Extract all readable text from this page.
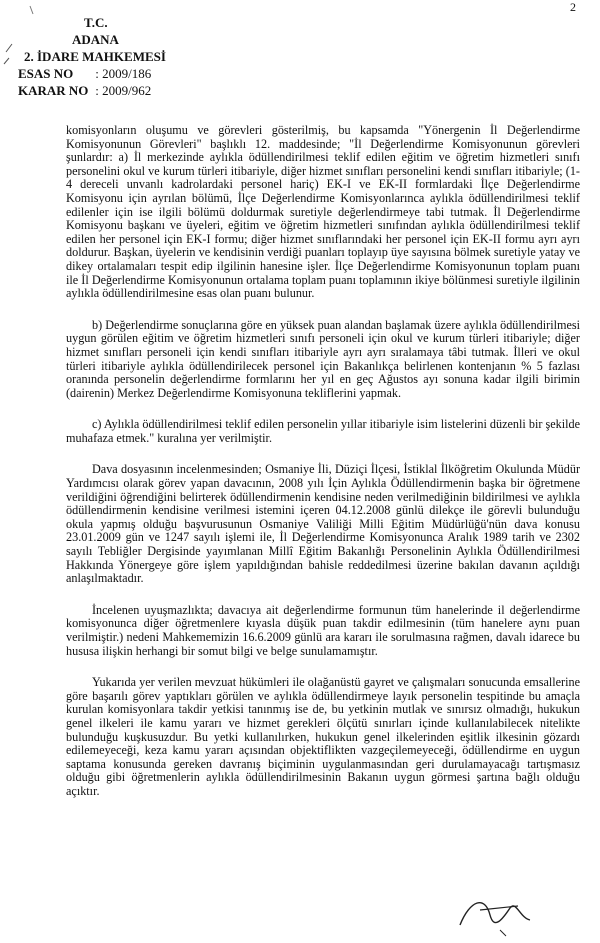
2
T.C.
ADANA
2. İDARE MAHKEMESİ
ESAS NO : 2009/186
KARAR NO : 2009/962

komisyonların oluşumu ve görevleri gösterilmiş, bu kapsamda "Yönergenin İl Değerlendirme Komisyonunun Görevleri" başlıklı 12. maddesinde; "İl Değerlendirme Komisyonunun görevleri şunlardır: a) İl merkezinde aylıkla ödüllendirilmesi teklif edilen eğitim ve öğretim hizmetleri sınıfı personelini okul ve kurum türleri itibariyle, diğer hizmet sınıfları personelini kendi sınıfları itibariyle; (1-4 dereceli unvanlı kadrolardaki personel hariç) EK-I ve EK-II formlardaki İlçe Değerlendirme Komisyonu için ayrılan bölümü, İlçe Değerlendirme Komisyonlarınca aylıkla ödüllendirilmesi teklif edilenler için ise ilgili bölümü doldurmak suretiyle değerlendirmeye tabi tutmak. İl Değerlendirme Komisyonu başkanı ve üyeleri, eğitim ve öğretim hizmetleri sınıfından aylıkla ödüllendirilmesi teklif edilen her personel için EK-I formu; diğer hizmet sınıflarındaki her personel için EK-II formu ayrı ayrı doldurur. Başkan, üyelerin ve kendisinin verdiği puanları toplayıp üye sayısına bölmek suretiyle yatay ve dikey ortalamaları tespit edip ilgilinin hanesine işler. İlçe Değerlendirme Komisyonunun toplam puanı ile İl Değerlendirme Komisyonunun ortalama toplam puanı toplamının ikiye bölünmesi suretiyle ilgilinin aylıkla ödüllendirilmesine esas olan puanı bulunur.

b) Değerlendirme sonuçlarına göre en yüksek puan alandan başlamak üzere aylıkla ödüllendirilmesi uygun görülen eğitim ve öğretim hizmetleri sınıfı personeli için okul ve kurum türleri itibariyle; diğer hizmet sınıfları personeli için kendi sınıfları itibariyle ayrı ayrı sıralamaya tâbi tutmak. İlleri ve okul türleri itibariyle aylıkla ödüllendirilecek personel için Bakanlıkça belirlenen kontenjanın % 5 fazlası oranında personelin değerlendirme formlarını her yıl en geç Ağustos ayı sonuna kadar ilgili birimin (dairenin) Merkez Değerlendirme Komisyonuna tekliflerini yapmak.

c) Aylıkla ödüllendirilmesi teklif edilen personelin yıllar itibariyle isim listelerini düzenli bir şekilde muhafaza etmek." kuralına yer verilmiştir.

Dava dosyasının incelenmesinden; Osmaniye İli, Düziçi İlçesi, İstiklal İlköğretim Okulunda Müdür Yardımcısı olarak görev yapan davacının, 2008 yılı İçin Aylıkla Ödüllendirmenin başka bir öğretmene verildiğini öğrendiğini belirterek ödüllendirmenin kendisine neden verilmediğinin bildirilmesi ve aylıkla ödüllendirmenin kendisine verilmesi istemini içeren 04.12.2008 günlü dilekçe ile görevli bulunduğu okula yapmış olduğu başvurusunun Osmaniye Valiliği Milli Eğitim Müdürlüğü'nün dava konusu 23.01.2009 gün ve 1247 sayılı işlemi ile, İl Değerlendirme Komisyonunca Aralık 1989 tarih ve 2302 sayılı Tebliğler Dergisinde yayımlanan Millî Eğitim Bakanlığı Personelinin Aylıkla Ödüllendirilmesi Hakkında Yönergeye göre işlem yapıldığından bahisle reddedilmesi üzerine bakılan davanın açıldığı anlaşılmaktadır.

İncelenen uyuşmazlıkta; davacıya ait değerlendirme formunun tüm hanelerinde il değerlendirme komisyonunca diğer öğretmenlere kıyasla düşük puan takdir edilmesinin (tüm hanelere aynı puan verilmiştir.) nedeni Mahkememizin 16.6.2009 günlü ara kararı ile sorulmasına rağmen, davalı idarece bu hususa ilişkin herhangi bir somut bilgi ve belge sunulamamıştır.

Yukarıda yer verilen mevzuat hükümleri ile olağanüstü gayret ve çalışmaları sonucunda emsallerine göre başarılı görev yaptıkları görülen ve aylıkla ödüllendirmeye layık personelin tespitinde bu amaçla kurulan komisyonlara takdir yetkisi tanınmış ise de, bu yetkinin mutlak ve sınırsız olmadığı, hukukun genel ilkeleri ile kamu yararı ve hizmet gerekleri ölçütü sınırları içinde kullanılabilecek nitelikte bulunduğu kuşkusuzdur. Bu yetki kullanılırken, hukukun genel ilkelerinden eşitlik ilkesinin gözardı edilemeyeceği, keza kamu yararı açısından objektiflikten vazgeçilemeyeceği, ödüllendirme en uygun saptama konusunda gereken davranış biçiminin uygulanmasından geri durulamayacağı tartışmasız olduğu gibi öğretmenlerin aylıkla ödüllendirilmesinin Bakanın uygun görmesi şartına bağlı olduğu açıktır.
